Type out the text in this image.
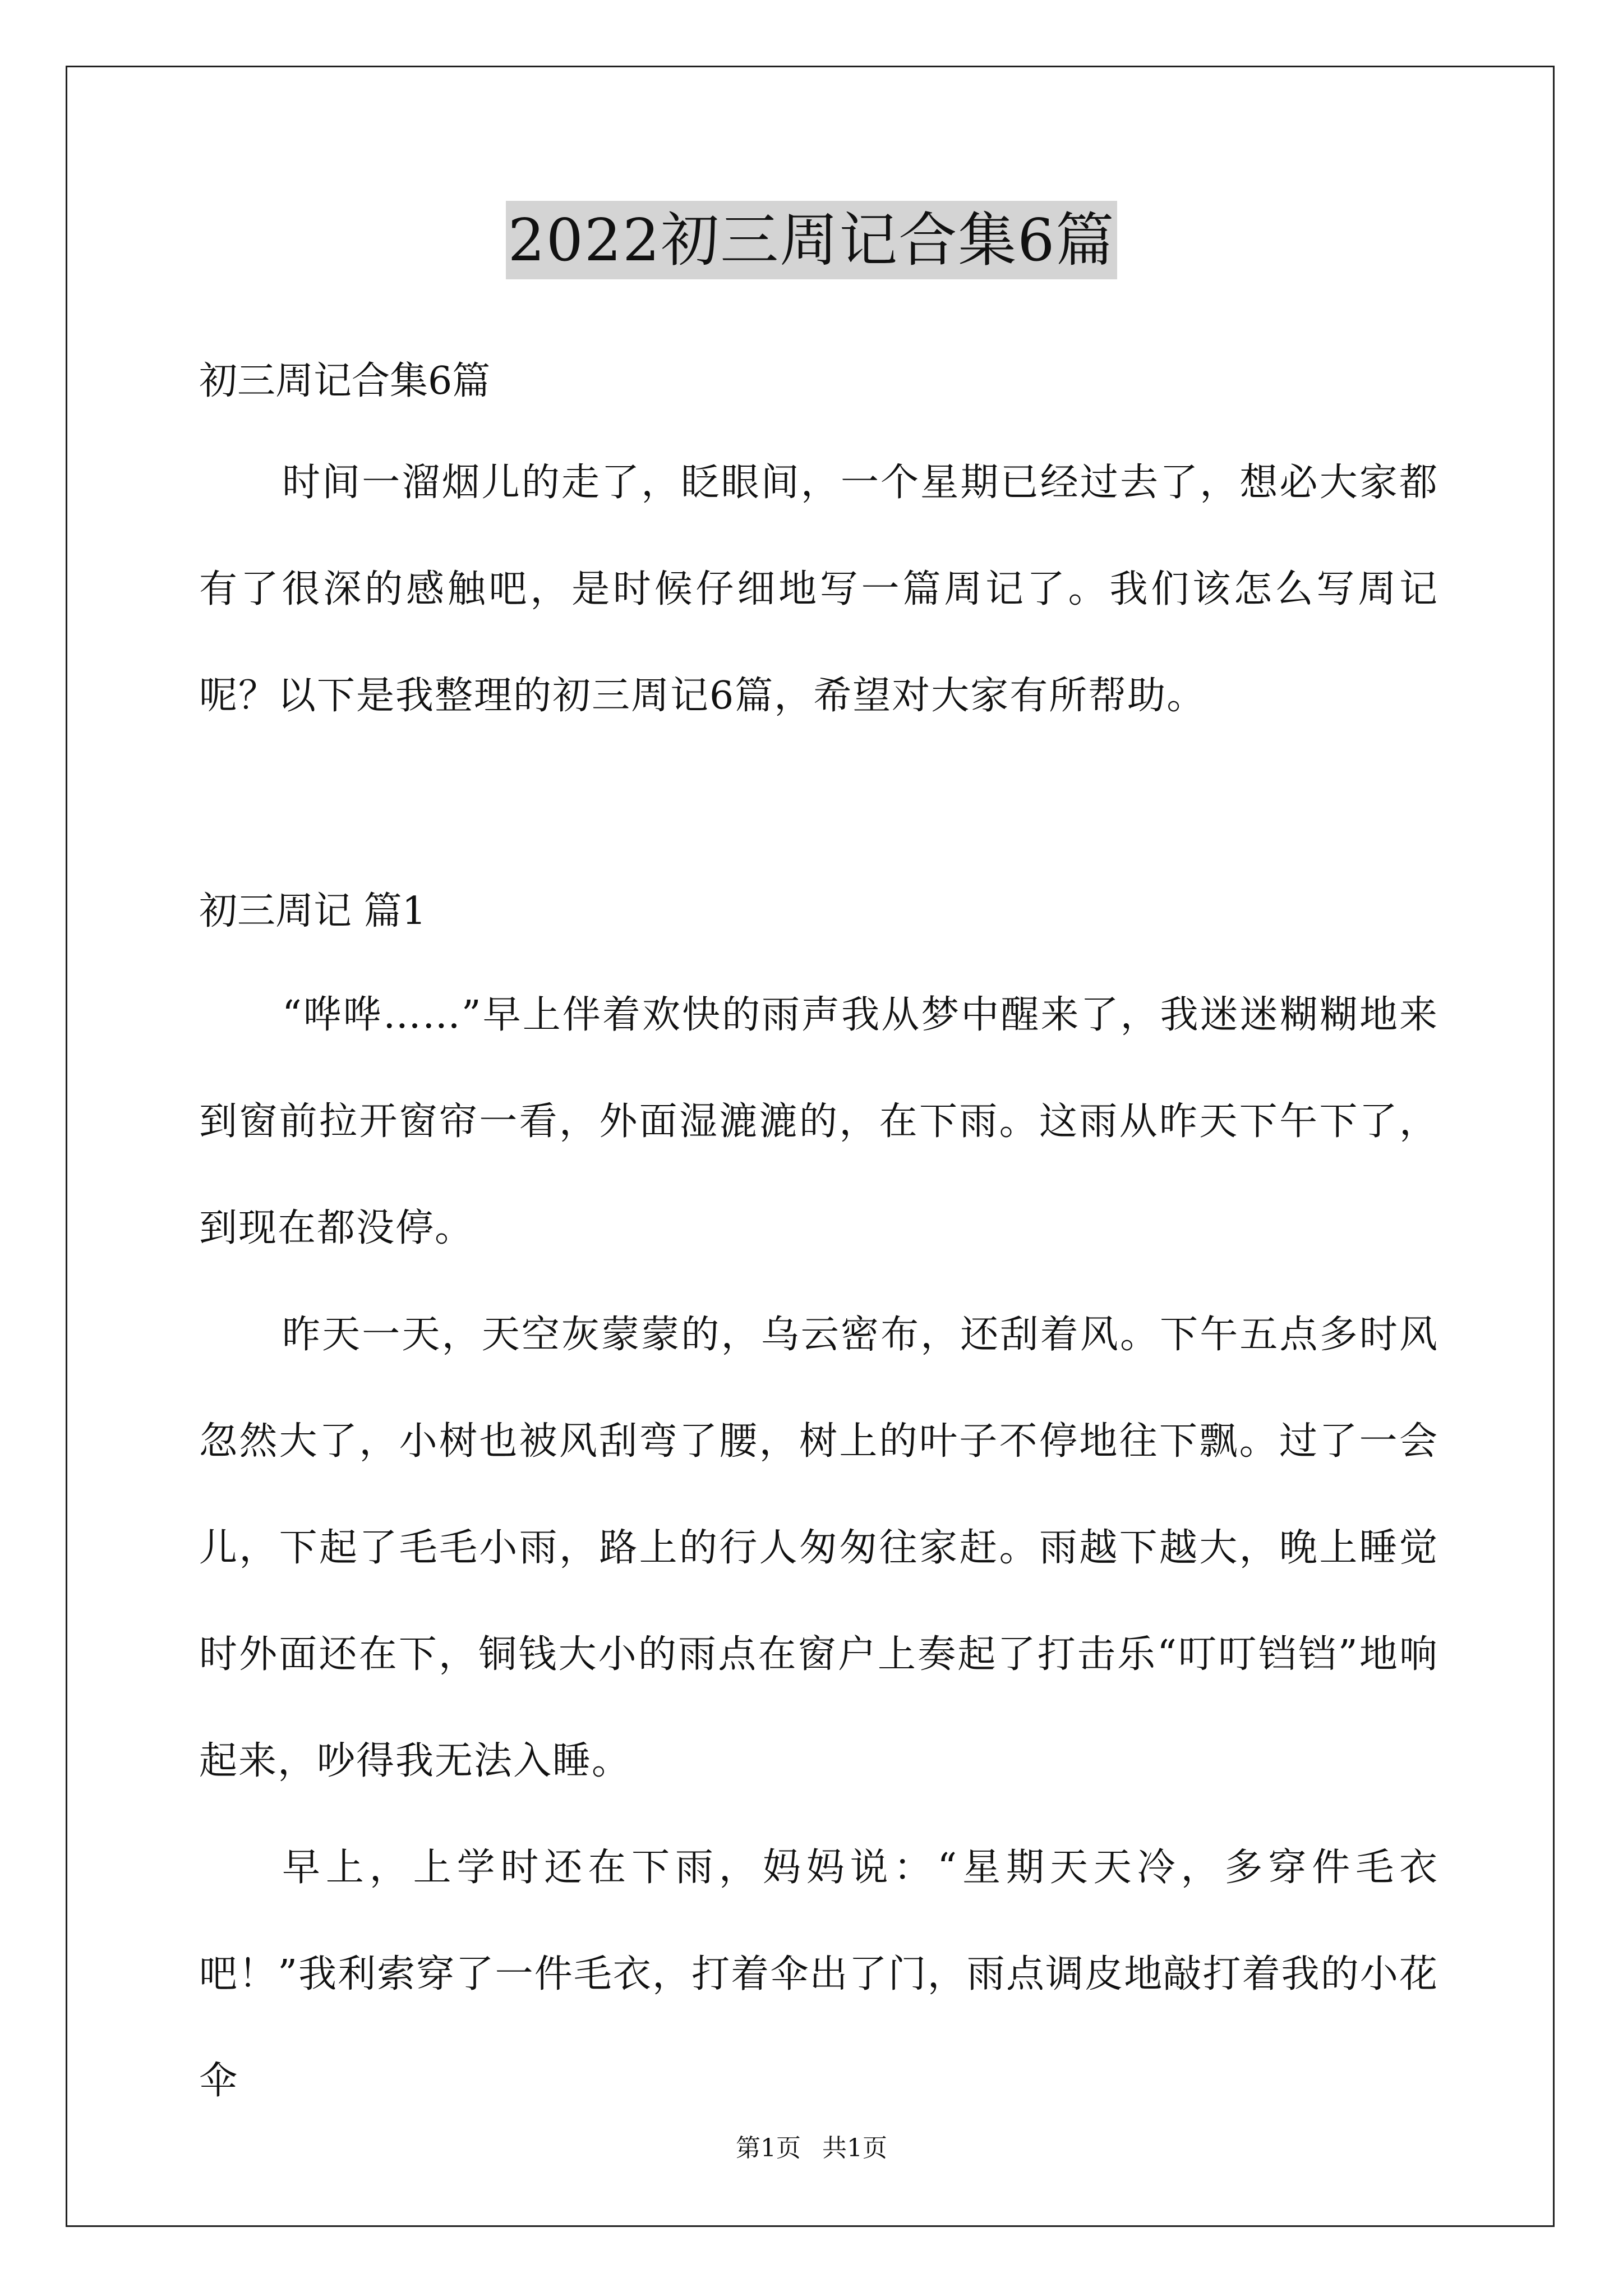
2022初三周记合集6篇

初三周记合集6篇

时间一溜烟儿的走了，眨眼间，一个星期已经过去了，想必大家都有了很深的感触吧，是时候仔细地写一篇周记了。我们该怎么写周记呢？以下是我整理的初三周记6篇，希望对大家有所帮助。

初三周记 篇1

“哗哗……”早上伴着欢快的雨声我从梦中醒来了，我迷迷糊糊地来到窗前拉开窗帘一看，外面湿漉漉的，在下雨。这雨从昨天下午下了，到现在都没停。

昨天一天，天空灰蒙蒙的，乌云密布，还刮着风。下午五点多时风忽然大了，小树也被风刮弯了腰，树上的叶子不停地往下飘。过了一会儿，下起了毛毛小雨，路上的行人匆匆往家赶。雨越下越大，晚上睡觉时外面还在下，铜钱大小的雨点在窗户上奏起了打击乐“叮叮铛铛”地响起来，吵得我无法入睡。

早上，上学时还在下雨，妈妈说：“星期天天冷，多穿件毛衣吧！”我利索穿了一件毛衣，打着伞出了门，雨点调皮地敲打着我的小花伞

第1页 共1页
